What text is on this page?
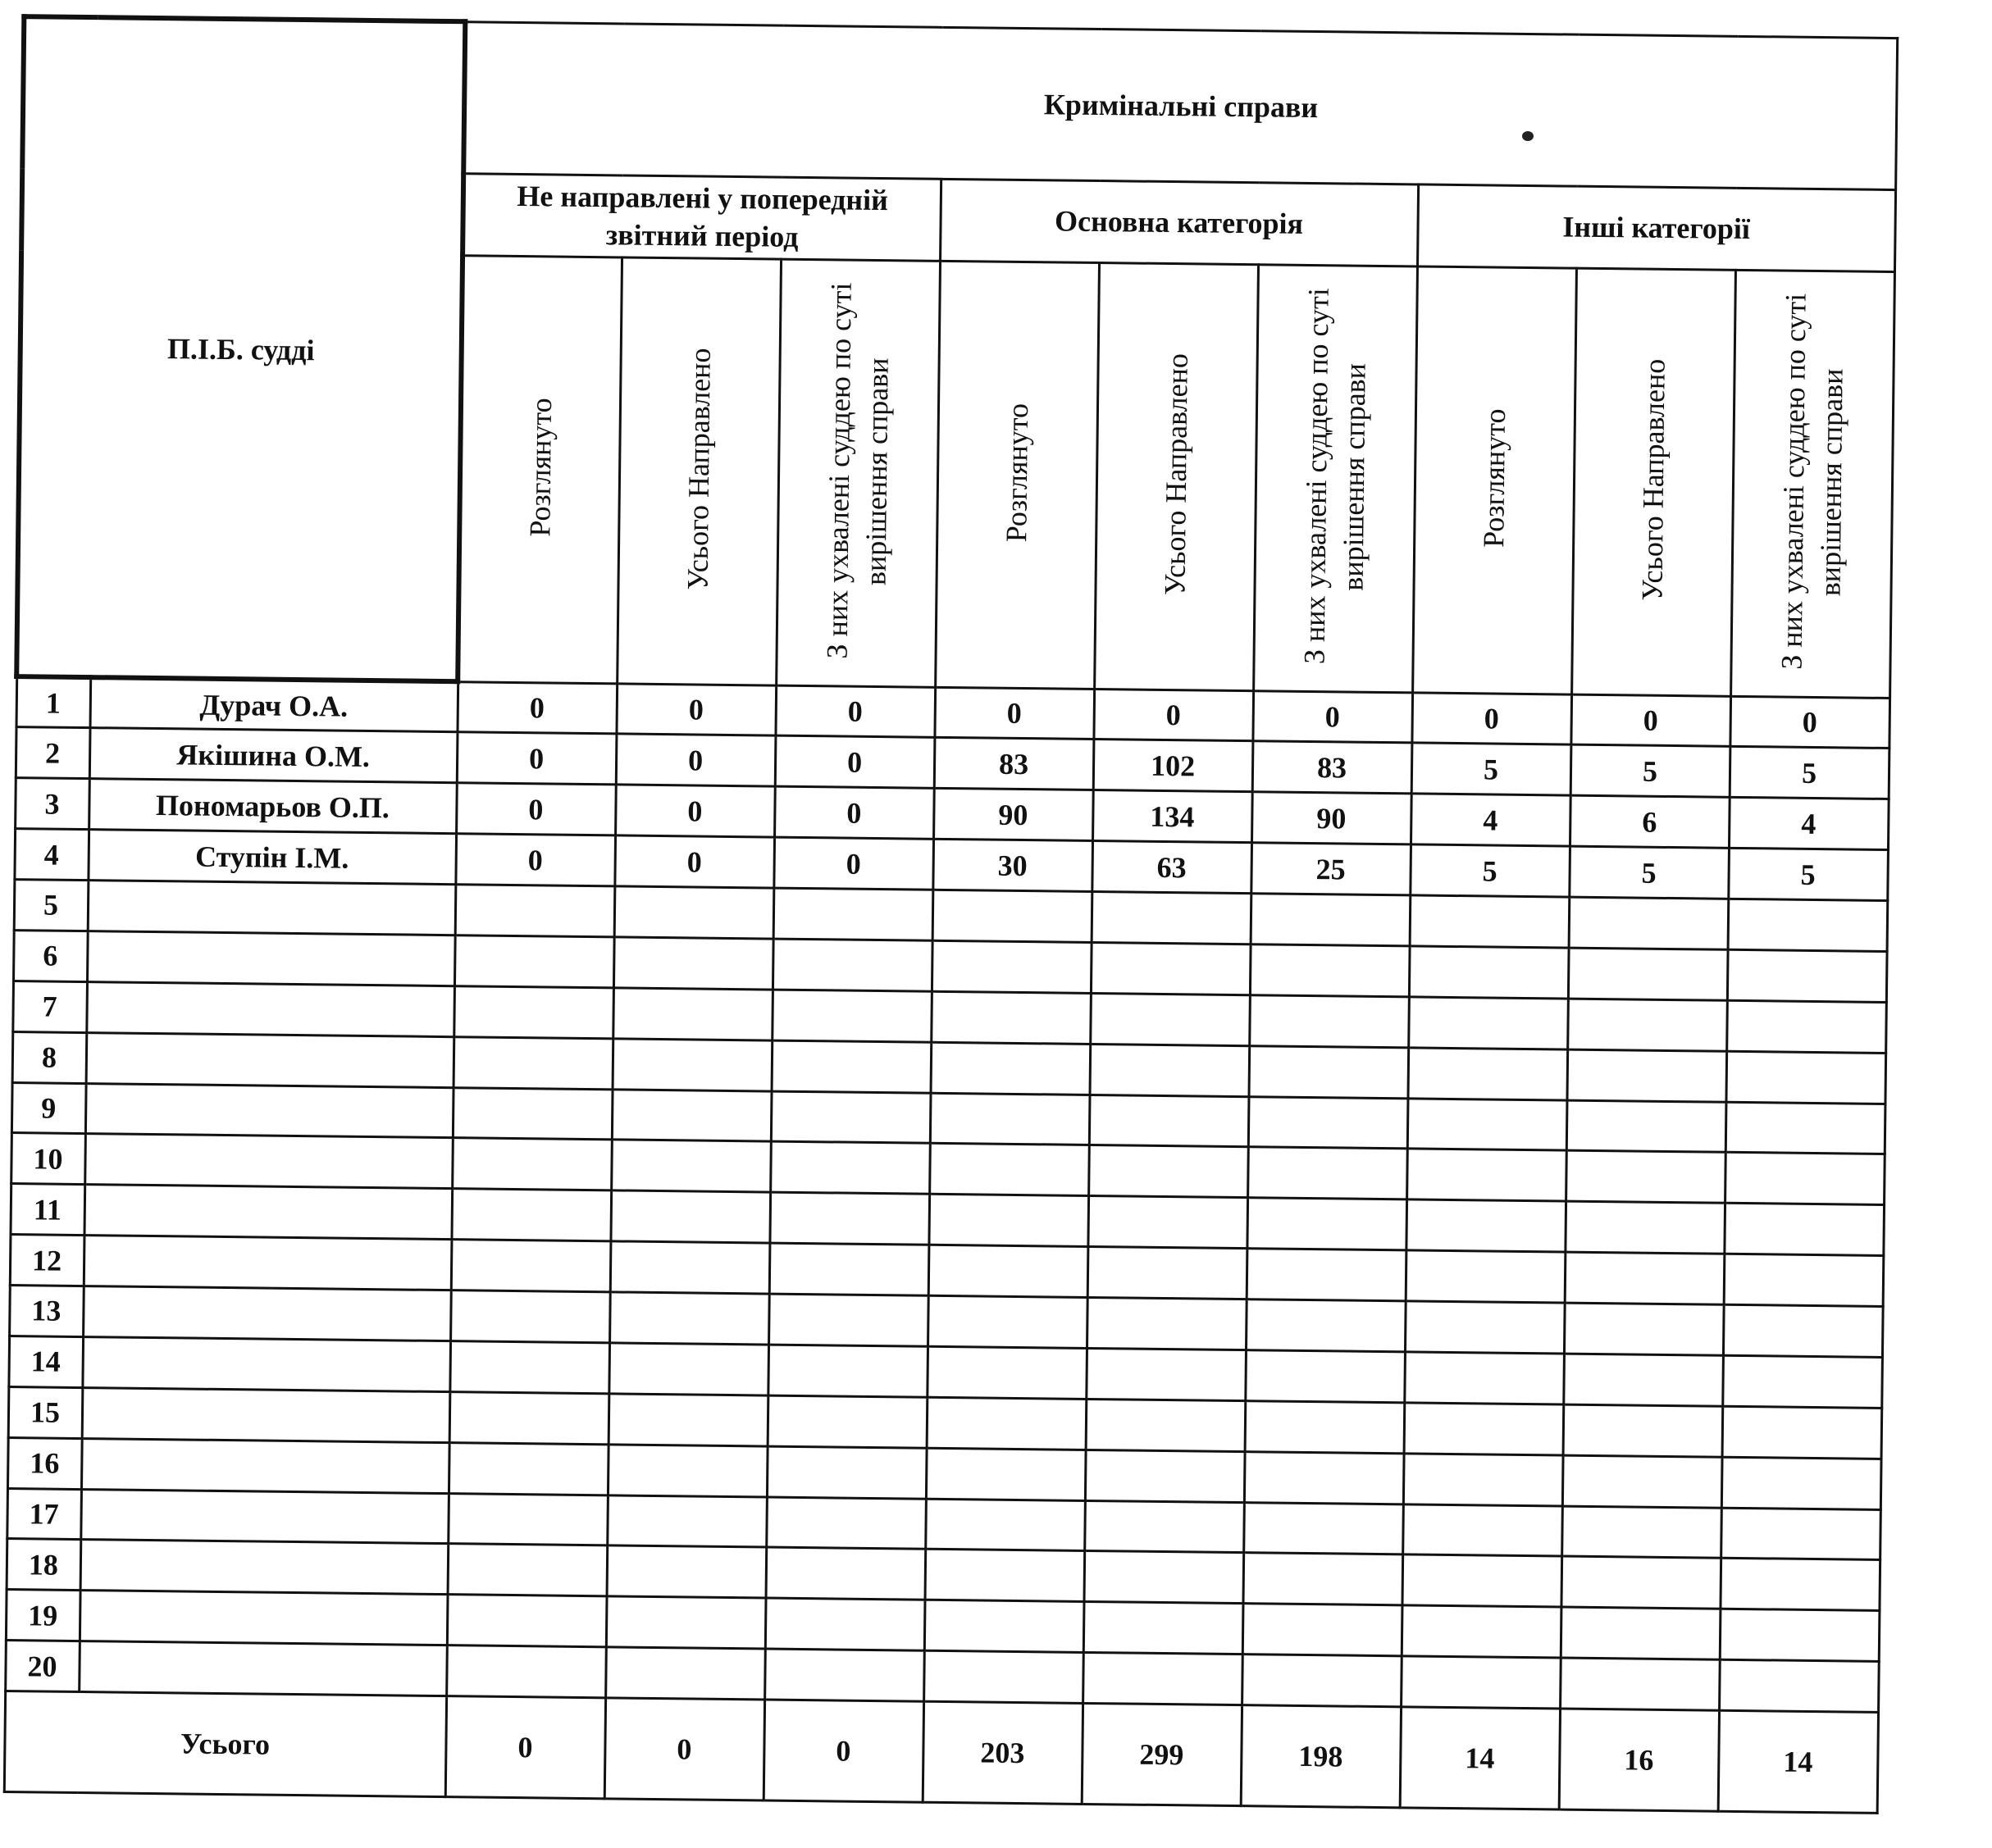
П.І.Б. судді		Кримінальні справи								
		Не направлені у попередній звітний період			Основна категорія			Інші категорії		
		Розглянуто	Усього Направлено	З них ухвалені суддею по суті вирішення справи	Розглянуто	Усього Направлено	З них ухвалені суддею по суті вирішення справи	Розглянуто	Усього Направлено	З них ухвалені суддею по суті вирішення справи
1	Дурач О.А.	0	0	0	0	0	0	0	0	0
2	Якішина О.М.	0	0	0	83	102	83	5	5	5
3	Пономарьов О.П.	0	0	0	90	134	90	4	6	4
4	Ступін І.М.	0	0	0	30	63	25	5	5	5
5										
6										
7										
8										
9										
10										
11										
12										
13										
14										
15										
16										
17										
18										
19										
20										
Усього		0	0	0	203	299	198	14	16	14
